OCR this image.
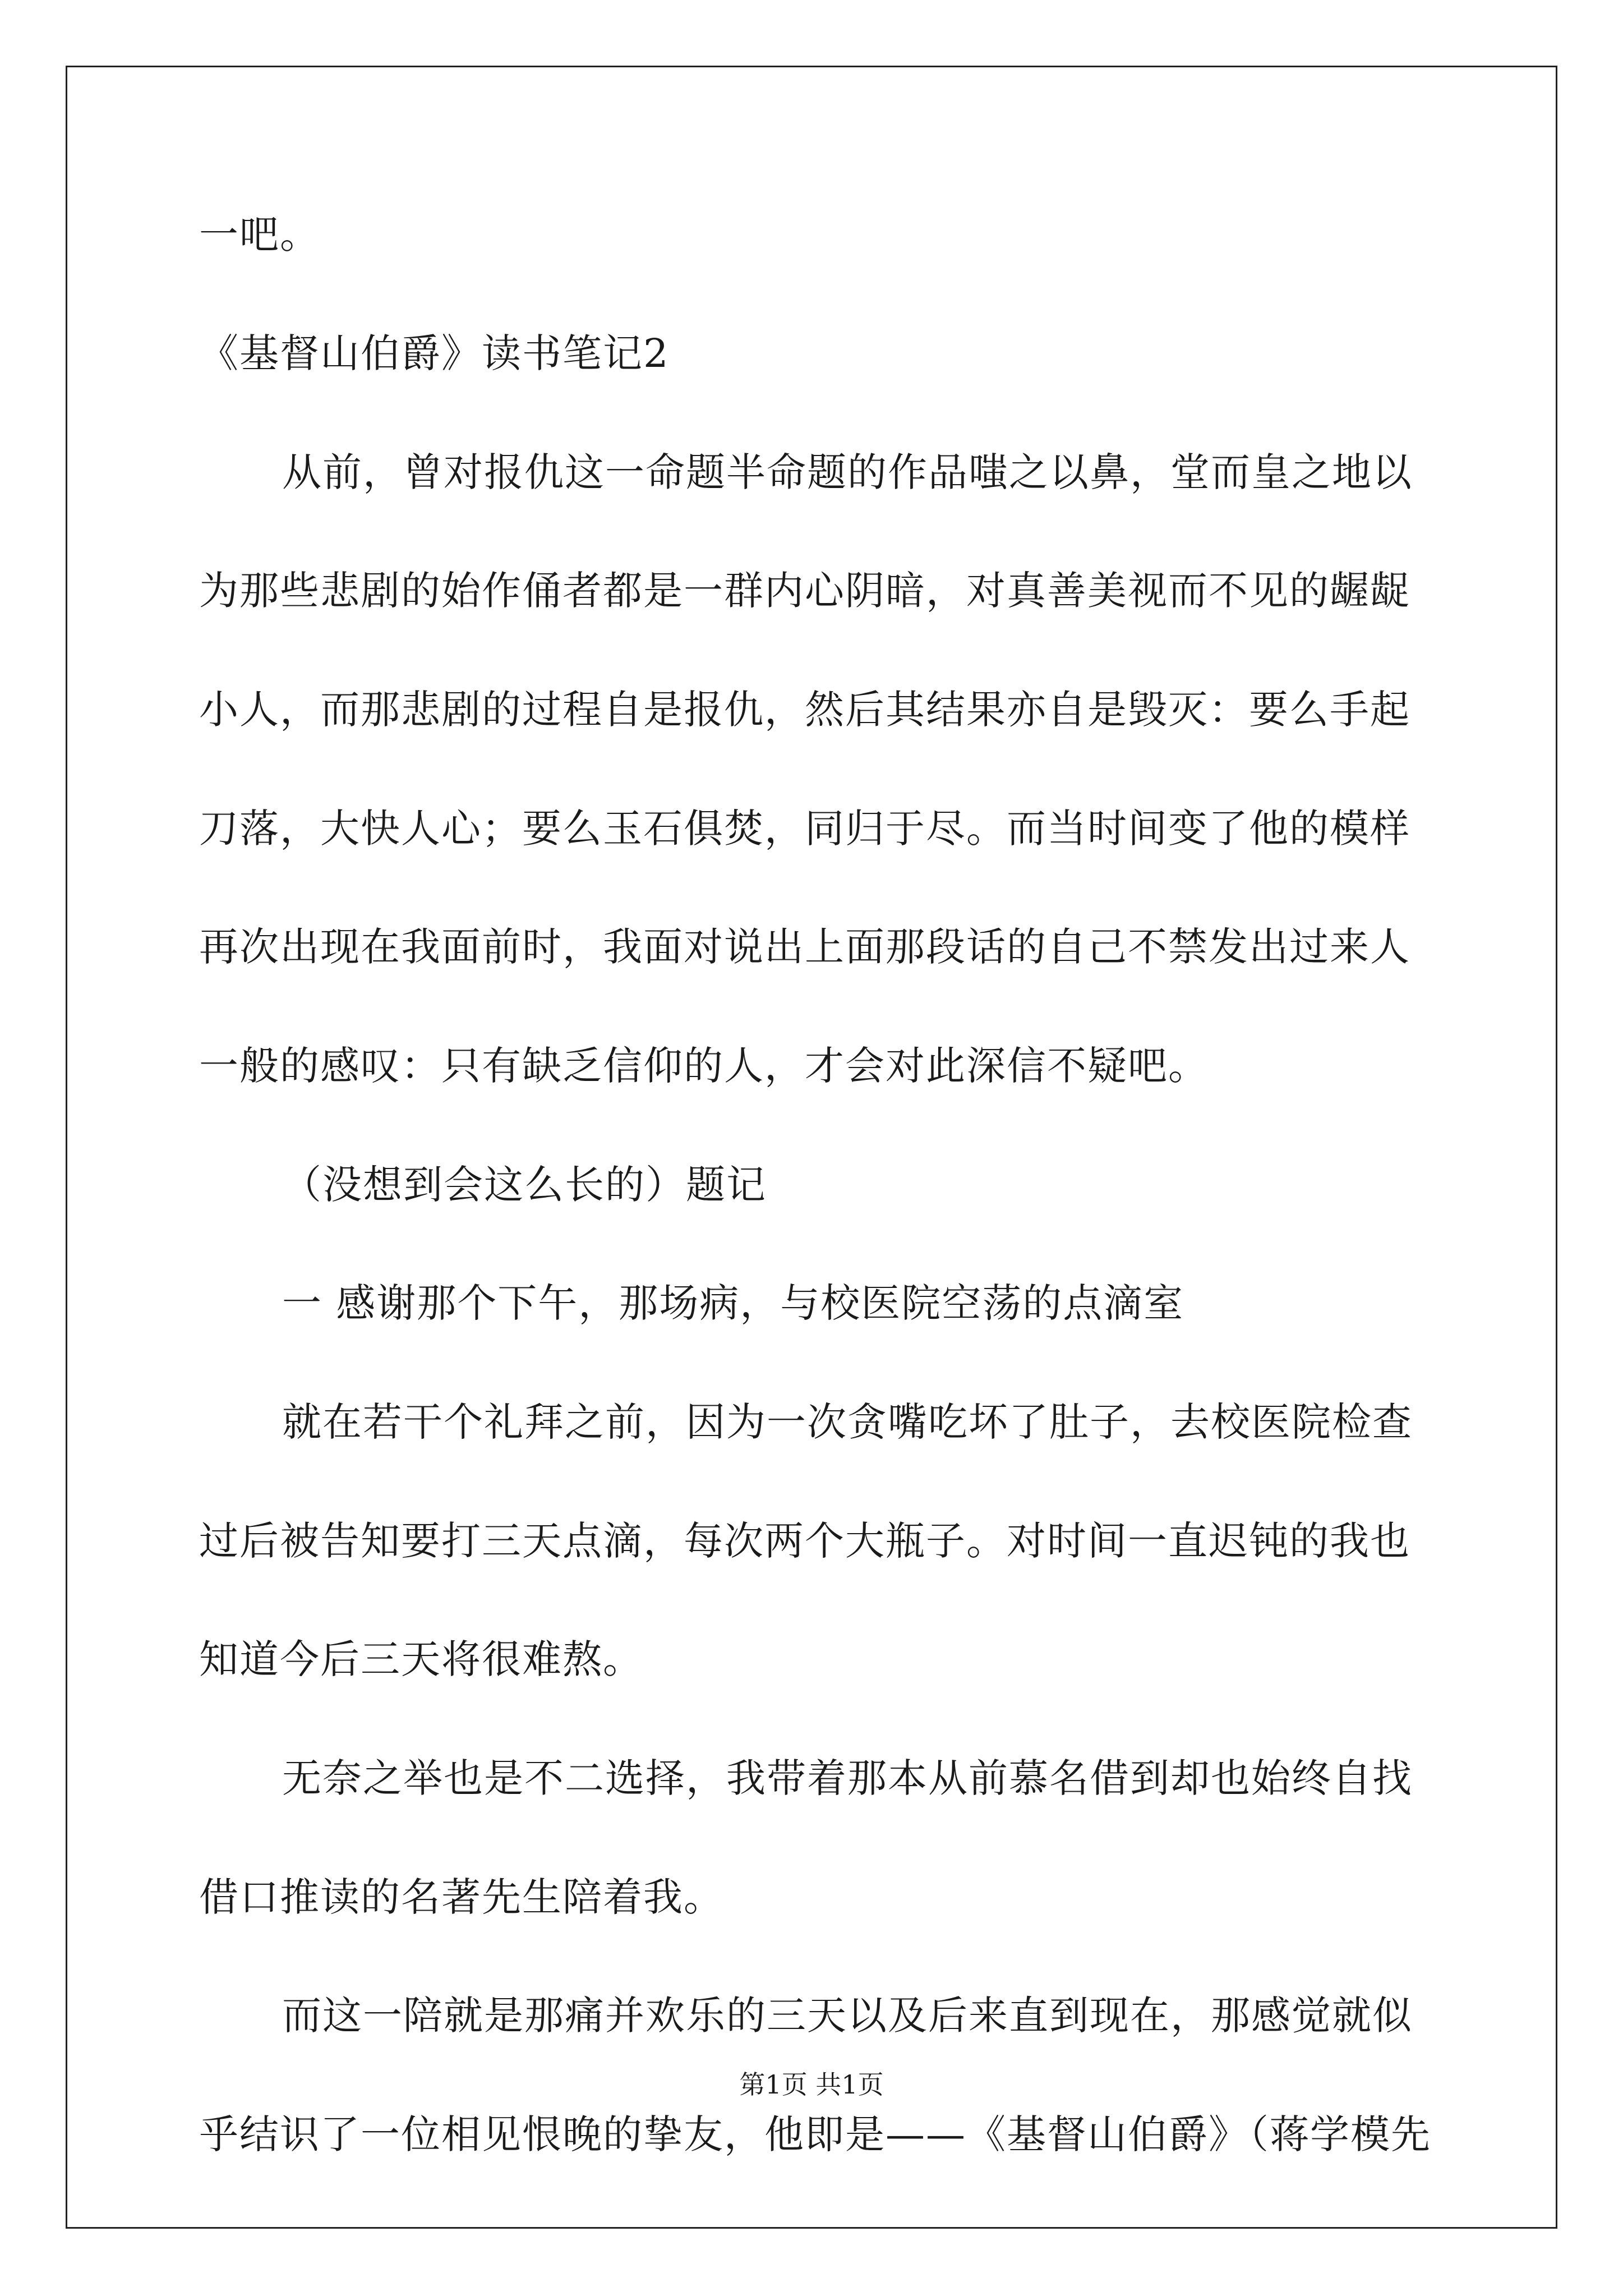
一吧。
《基督山伯爵》读书笔记2
从前，曾对报仇这一命题半命题的作品嗤之以鼻，堂而皇之地以
为那些悲剧的始作俑者都是一群内心阴暗，对真善美视而不见的龌龊
小人，而那悲剧的过程自是报仇，然后其结果亦自是毁灭：要么手起
刀落，大快人心；要么玉石俱焚，同归于尽。而当时间变了他的模样
再次出现在我面前时，我面对说出上面那段话的自己不禁发出过来人
一般的感叹：只有缺乏信仰的人，才会对此深信不疑吧。
（没想到会这么长的）题记
一 感谢那个下午，那场病，与校医院空荡的点滴室
就在若干个礼拜之前，因为一次贪嘴吃坏了肚子，去校医院检查
过后被告知要打三天点滴，每次两个大瓶子。对时间一直迟钝的我也
知道今后三天将很难熬。
无奈之举也是不二选择，我带着那本从前慕名借到却也始终自找
借口推读的名著先生陪着我。
而这一陪就是那痛并欢乐的三天以及后来直到现在，那感觉就似
乎结识了一位相见恨晚的挚友，他即是——《基督山伯爵》（蒋学模先
第1页 共1页
